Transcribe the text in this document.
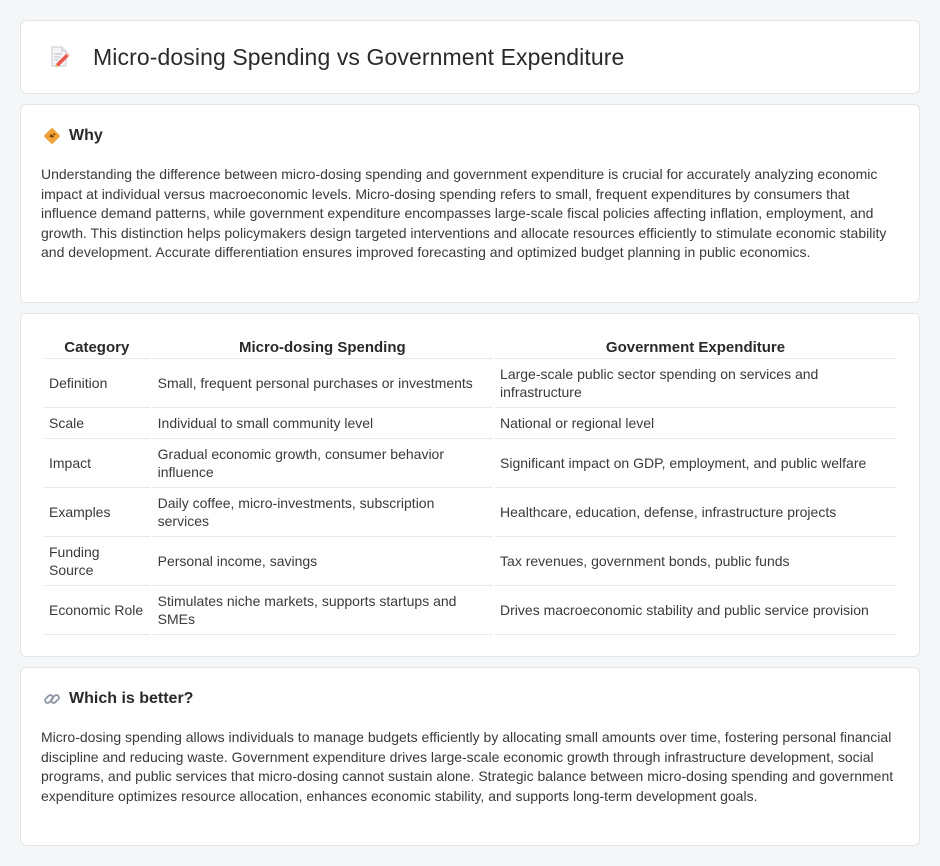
Micro-dosing Spending vs Government Expenditure
Why

Understanding the difference between micro-dosing spending and government expenditure is crucial for accurately analyzing economic impact at individual versus macroeconomic levels. Micro-dosing spending refers to small, frequent expenditures by consumers that influence demand patterns, while government expenditure encompasses large-scale fiscal policies affecting inflation, employment, and growth. This distinction helps policymakers design targeted interventions and allocate resources efficiently to stimulate economic stability and development. Accurate differentiation ensures improved forecasting and optimized budget planning in public economics.

Category	Micro-dosing Spending	Government Expenditure
Definition	Small, frequent personal purchases or investments	Large-scale public sector spending on services and infrastructure
Scale	Individual to small community level	National or regional level
Impact	Gradual economic growth, consumer behavior influence	Significant impact on GDP, employment, and public welfare
Examples	Daily coffee, micro-investments, subscription services	Healthcare, education, defense, infrastructure projects
Funding Source	Personal income, savings	Tax revenues, government bonds, public funds
Economic Role	Stimulates niche markets, supports startups and SMEs	Drives macroeconomic stability and public service provision
Which is better?

Micro-dosing spending allows individuals to manage budgets efficiently by allocating small amounts over time, fostering personal financial discipline and reducing waste. Government expenditure drives large-scale economic growth through infrastructure development, social programs, and public services that micro-dosing cannot sustain alone. Strategic balance between micro-dosing spending and government expenditure optimizes resource allocation, enhances economic stability, and supports long-term development goals.
